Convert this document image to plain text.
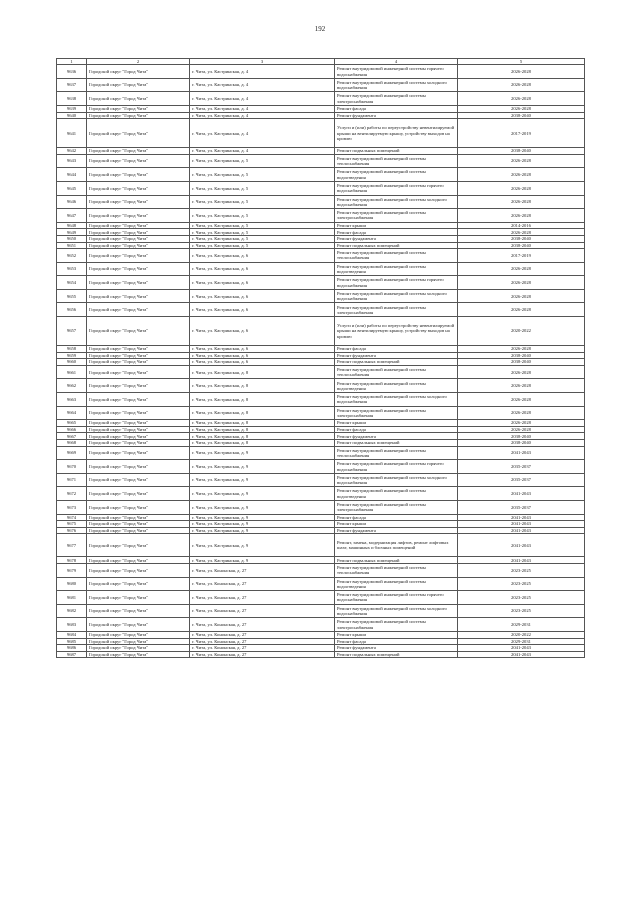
192
1	2	3	4	5
9636	Городской округ "Город Чита"	г. Чита, ул. Кастринская, д. 4	Ремонт внутридомовой инженерной системы горячего водоснабжения	2026-2028
9637	Городской округ "Город Чита"	г. Чита, ул. Кастринская, д. 4	Ремонт внутридомовой инженерной системы холодного водоснабжения	2026-2028
9638	Городской округ "Город Чита"	г. Чита, ул. Кастринская, д. 4	Ремонт внутридомовой инженерной системы электроснабжения	2026-2028
9639	Городской округ "Город Чита"	г. Чита, ул. Кастринская, д. 4	Ремонт фасада	2026-2028
9640	Городской округ "Город Чита"	г. Чита, ул. Кастринская, д. 4	Ремонт фундамента	2038-2040
9641	Городской округ "Город Чита"	г. Чита, ул. Кастринская, д. 4	Услуги и (или) работы по переустройству невентилируемой крыши на вентилируемую крышу, устройству выходов на кровлю	2017-2019
9642	Городской округ "Город Чита"	г. Чита, ул. Кастринская, д. 4	Ремонт подвальных помещений	2038-2040
9643	Городской округ "Город Чита"	г. Чита, ул. Кастринская, д. 5	Ремонт внутридомовой инженерной системы теплоснабжения	2026-2028
9644	Городской округ "Город Чита"	г. Чита, ул. Кастринская, д. 5	Ремонт внутридомовой инженерной системы водоотведения	2026-2028
9645	Городской округ "Город Чита"	г. Чита, ул. Кастринская, д. 5	Ремонт внутридомовой инженерной системы горячего водоснабжения	2026-2028
9646	Городской округ "Город Чита"	г. Чита, ул. Кастринская, д. 5	Ремонт внутридомовой инженерной системы холодного водоснабжения	2026-2028
9647	Городской округ "Город Чита"	г. Чита, ул. Кастринская, д. 5	Ремонт внутридомовой инженерной системы электроснабжения	2026-2028
9648	Городской округ "Город Чита"	г. Чита, ул. Кастринская, д. 5	Ремонт крыши	2014-2016
9649	Городской округ "Город Чита"	г. Чита, ул. Кастринская, д. 5	Ремонт фасада	2026-2028
9650	Городской округ "Город Чита"	г. Чита, ул. Кастринская, д. 5	Ремонт фундамента	2038-2040
9651	Городской округ "Город Чита"	г. Чита, ул. Кастринская, д. 5	Ремонт подвальных помещений	2038-2040
9652	Городской округ "Город Чита"	г. Чита, ул. Кастринская, д. 6	Ремонт внутридомовой инженерной системы теплоснабжения	2017-2019
9653	Городской округ "Город Чита"	г. Чита, ул. Кастринская, д. 6	Ремонт внутридомовой инженерной системы водоотведения	2026-2028
9654	Городской округ "Город Чита"	г. Чита, ул. Кастринская, д. 6	Ремонт внутридомовой инженерной системы горячего водоснабжения	2026-2028
9655	Городской округ "Город Чита"	г. Чита, ул. Кастринская, д. 6	Ремонт внутридомовой инженерной системы холодного водоснабжения	2026-2028
9656	Городской округ "Город Чита"	г. Чита, ул. Кастринская, д. 6	Ремонт внутридомовой инженерной системы электроснабжения	2026-2028
9657	Городской округ "Город Чита"	г. Чита, ул. Кастринская, д. 6	Услуги и (или) работы по переустройству невентилируемой крыши на вентилируемую крышу, устройству выходов на кровлю	2020-2022
9658	Городской округ "Город Чита"	г. Чита, ул. Кастринская, д. 6	Ремонт фасада	2026-2028
9659	Городской округ "Город Чита"	г. Чита, ул. Кастринская, д. 6	Ремонт фундамента	2038-2040
9660	Городской округ "Город Чита"	г. Чита, ул. Кастринская, д. 6	Ремонт подвальных помещений	2038-2040
9661	Городской округ "Город Чита"	г. Чита, ул. Кастринская, д. 8	Ремонт внутридомовой инженерной системы теплоснабжения	2026-2028
9662	Городской округ "Город Чита"	г. Чита, ул. Кастринская, д. 8	Ремонт внутридомовой инженерной системы водоотведения	2026-2028
9663	Городской округ "Город Чита"	г. Чита, ул. Кастринская, д. 8	Ремонт внутридомовой инженерной системы холодного водоснабжения	2026-2028
9664	Городской округ "Город Чита"	г. Чита, ул. Кастринская, д. 8	Ремонт внутридомовой инженерной системы электроснабжения	2026-2028
9665	Городской округ "Город Чита"	г. Чита, ул. Кастринская, д. 8	Ремонт крыши	2026-2028
9666	Городской округ "Город Чита"	г. Чита, ул. Кастринская, д. 8	Ремонт фасада	2026-2028
9667	Городской округ "Город Чита"	г. Чита, ул. Кастринская, д. 8	Ремонт фундамента	2038-2040
9668	Городской округ "Город Чита"	г. Чита, ул. Кастринская, д. 8	Ремонт подвальных помещений	2038-2040
9669	Городской округ "Город Чита"	г. Чита, ул. Кастринская, д. 9	Ремонт внутридомовой инженерной системы теплоснабжения	2041-2043
9670	Городской округ "Город Чита"	г. Чита, ул. Кастринская, д. 9	Ремонт внутридомовой инженерной системы горячего водоснабжения	2035-2037
9671	Городской округ "Город Чита"	г. Чита, ул. Кастринская, д. 9	Ремонт внутридомовой инженерной системы холодного водоснабжения	2035-2037
9672	Городской округ "Город Чита"	г. Чита, ул. Кастринская, д. 9	Ремонт внутридомовой инженерной системы водоотведения	2041-2043
9673	Городской округ "Город Чита"	г. Чита, ул. Кастринская, д. 9	Ремонт внутридомовой инженерной системы электроснабжения	2035-2037
9674	Городской округ "Город Чита"	г. Чита, ул. Кастринская, д. 9	Ремонт фасада	2041-2043
9675	Городской округ "Город Чита"	г. Чита, ул. Кастринская, д. 9	Ремонт крыши	2041-2043
9676	Городской округ "Город Чита"	г. Чита, ул. Кастринская, д. 9	Ремонт фундамента	2041-2043
9677	Городской округ "Город Чита"	г. Чита, ул. Кастринская, д. 9	Ремонт, замена, модернизация лифтов, ремонт лифтовых шахт, машинных и блочных помещений	2041-2043
9678	Городской округ "Город Чита"	г. Чита, ул. Кастринская, д. 9	Ремонт подвальных помещений	2041-2043
9679	Городской округ "Город Чита"	г. Чита, ул. Кононская, д. 27	Ремонт внутридомовой инженерной системы теплоснабжения	2023-2025
9680	Городской округ "Город Чита"	г. Чита, ул. Кононская, д. 27	Ремонт внутридомовой инженерной системы водоотведения	2023-2025
9681	Городской округ "Город Чита"	г. Чита, ул. Кононская, д. 27	Ремонт внутридомовой инженерной системы горячего водоснабжения	2023-2025
9682	Городской округ "Город Чита"	г. Чита, ул. Кононская, д. 27	Ремонт внутридомовой инженерной системы холодного водоснабжения	2023-2025
9683	Городской округ "Город Чита"	г. Чита, ул. Кононская, д. 27	Ремонт внутридомовой инженерной системы электроснабжения	2029-2031
9684	Городской округ "Город Чита"	г. Чита, ул. Кононская, д. 27	Ремонт крыши	2020-2022
9685	Городской округ "Город Чита"	г. Чита, ул. Кононская, д. 27	Ремонт фасада	2029-2031
9686	Городской округ "Город Чита"	г. Чита, ул. Кононская, д. 27	Ремонт фундамента	2041-2043
9687	Городской округ "Город Чита"	г. Чита, ул. Кононская, д. 27	Ремонт подвальных помещений	2041-2043
